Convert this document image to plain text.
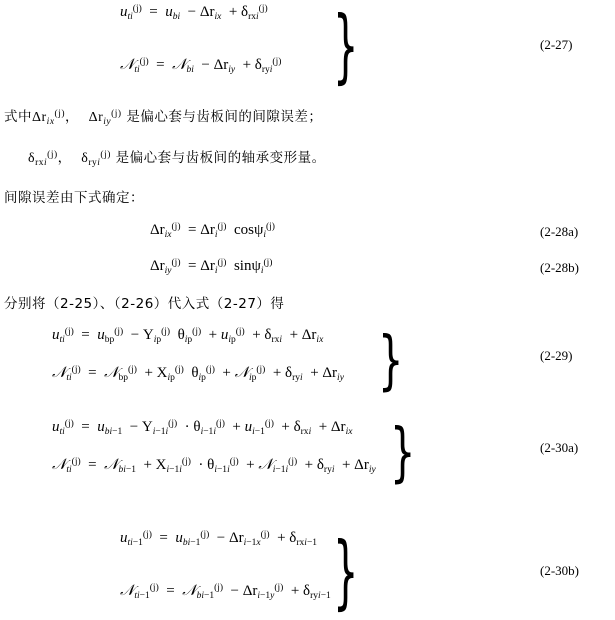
$u_{ti}^{(j)} = u_{bi} - \Delta r_{ix} + \delta_{rxi}^{(j)}$
𝒩$_{ti}^{(j)}$  =  𝒩$_{bi}$  − $\Delta r_{iy} + \delta_{ryi}^{(j)}$ }	(2-27)
式中$\Delta r_{ix}^{(j)}$，  $\Delta r_{iy}^{(j)}$ 是偏心套与齿板间的间隙误差；
$\delta_{rxi}^{(j)}$，  $\delta_{ryi}^{(j)}$ 是偏心套与齿板间的轴承变形量。
间隙误差由下式确定：
$\Delta r_{ix}^{(j)} = \Delta r_i^{(j)}$  cosψ$_i^{(j)}$	(2-28a)
$\Delta r_{iy}^{(j)} = \Delta r_i^{(j)}$  sinψ$_i^{(j)}$	(2-28b)
分别将（2-25）、（2-26）代入式（2-27）得
$u_{ti}^{(j)} = u_{bp}^{(j)} - Y_{ip}^{(j)}$  $\theta_{ip}^{(j)} + u_{ip}^{(j)} + \delta_{rxi} + \Delta r_{ix}$
𝒩$_{ti}^{(j)}$  =  𝒩$_{bp}^{(j)}$  + $X_{ip}^{(j)}$  $\theta_{ip}^{(j)}$  + 𝒩$_{ip}^{(j)}$  + $\delta_{ryi} + \Delta r_{iy}$ }	(2-29)
$u_{ti}^{(j)} = u_{bi-1} - Y_{i-1i}^{(j)} \cdot \theta_{i-1i}^{(j)} + u_{i-1}^{(j)} + \delta_{rxi} + \Delta r_{ix}$
𝒩$_{ti}^{(j)}$  =  𝒩$_{bi-1}$  + $X_{i-1i}^{(j)} \cdot \theta_{i-1i}^{(j)}$  + 𝒩$_{i-1i}^{(j)}$  + $\delta_{ryi} + \Delta r_{iy}$ }	(2-30a)
$u_{ti-1}^{(j)} = u_{bi-1}^{(j)} - \Delta r_{i-1x}^{(j)} + \delta_{rxi-1}$
𝒩$_{ti-1}^{(j)}$  =  𝒩$_{bi-1}^{(j)}$  − $\Delta r_{i-1y}^{(j)} + \delta_{ryi-1}$ }	(2-30b)
